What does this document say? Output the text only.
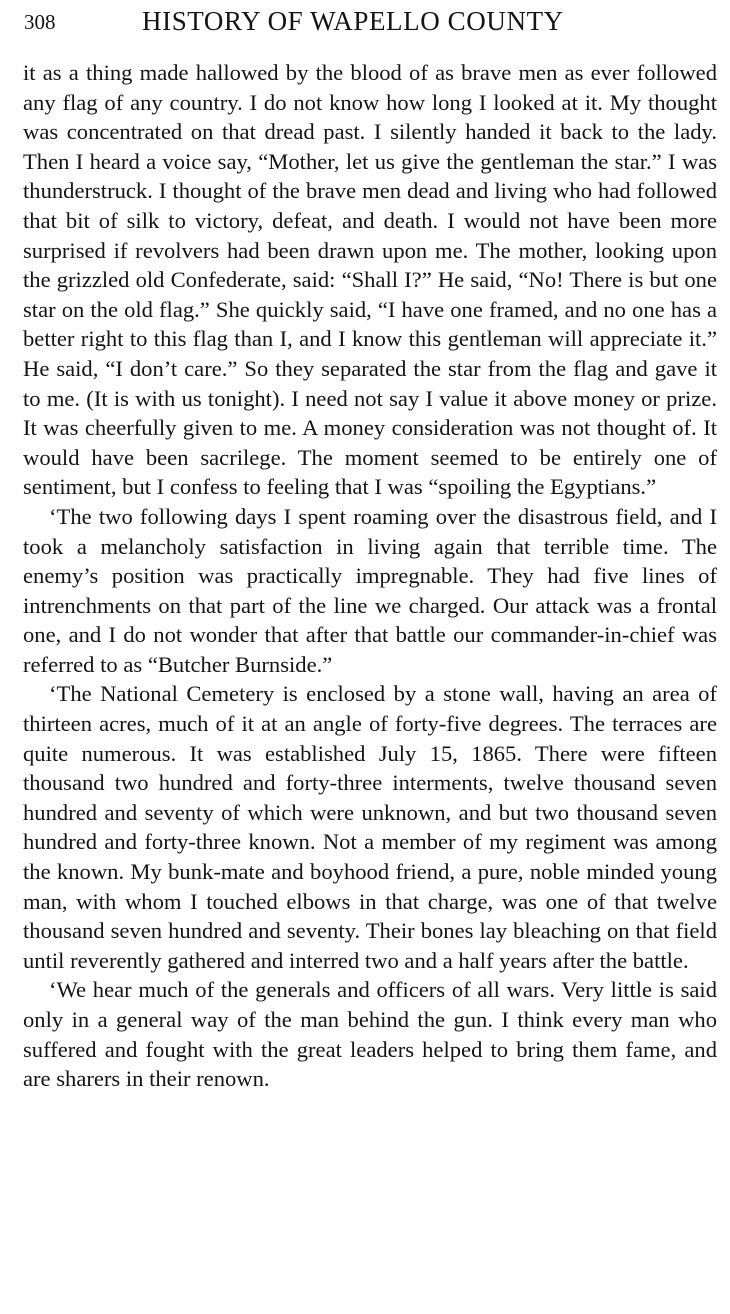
308	HISTORY OF WAPELLO COUNTY

it as a thing made hallowed by the blood of as brave men as ever followed any flag of any country. I do not know how long I looked at it. My thought was concentrated on that dread past. I silently handed it back to the lady. Then I heard a voice say, “Mother, let us give the gentleman the star.” I was thunderstruck. I thought of the brave men dead and living who had followed that bit of silk to victory, defeat, and death. I would not have been more surprised if revolvers had been drawn upon me. The mother, looking upon the grizzled old Confederate, said: “Shall I?” He said, “No! There is but one star on the old flag.” She quickly said, “I have one framed, and no one has a better right to this flag than I, and I know this gentleman will appreciate it.” He said, “I don’t care.” So they separated the star from the flag and gave it to me. (It is with us tonight). I need not say I value it above money or prize. It was cheerfully given to me. A money consideration was not thought of. It would have been sacrilege. The moment seemed to be entirely one of sentiment, but I confess to feeling that I was “spoiling the Egyptians.”

‘The two following days I spent roaming over the disastrous field, and I took a melancholy satisfaction in living again that terrible time. The enemy’s position was practically impregnable. They had five lines of intrenchments on that part of the line we charged. Our attack was a frontal one, and I do not wonder that after that battle our commander-in-chief was referred to as “Butcher Burnside.”

‘The National Cemetery is enclosed by a stone wall, having an area of thirteen acres, much of it at an angle of forty-five degrees. The terraces are quite numerous. It was established July 15, 1865. There were fifteen thousand two hundred and forty-three interments, twelve thousand seven hundred and seventy of which were unknown, and but two thousand seven hundred and forty-three known. Not a member of my regiment was among the known. My bunk-mate and boyhood friend, a pure, noble minded young man, with whom I touched elbows in that charge, was one of that twelve thousand seven hundred and seventy. Their bones lay bleaching on that field until reverently gathered and interred two and a half years after the battle.

‘We hear much of the generals and officers of all wars. Very little is said only in a general way of the man behind the gun. I think every man who suffered and fought with the great leaders helped to bring them fame, and are sharers in their renown.
